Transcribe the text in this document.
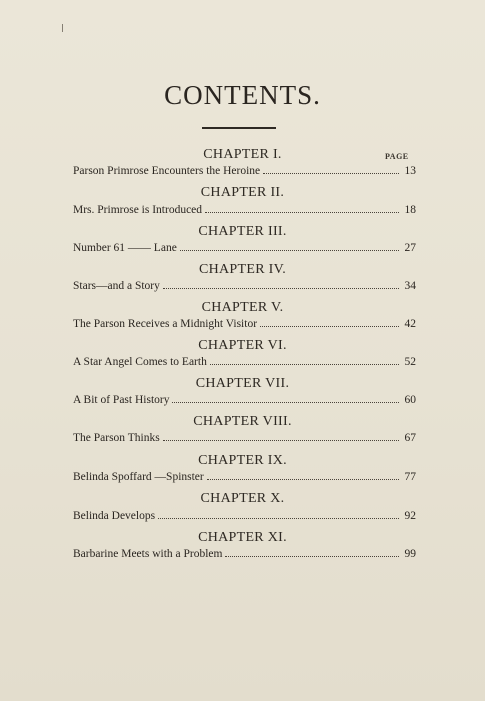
CONTENTS.
PAGE
CHAPTER I.
Parson Primrose Encounters the Heroine	13
CHAPTER II.
Mrs. Primrose is Introduced	18
CHAPTER III.
Number 61 —— Lane	27
CHAPTER IV.
Stars—and a Story	34
CHAPTER V.
The Parson Receives a Midnight Visitor	42
CHAPTER VI.
A Star Angel Comes to Earth	52
CHAPTER VII.
A Bit of Past History	60
CHAPTER VIII.
The Parson Thinks	67
CHAPTER IX.
Belinda Spoffard —Spinster	77
CHAPTER X.
Belinda Develops	92
CHAPTER XI.
Barbarine Meets with a Problem	99
